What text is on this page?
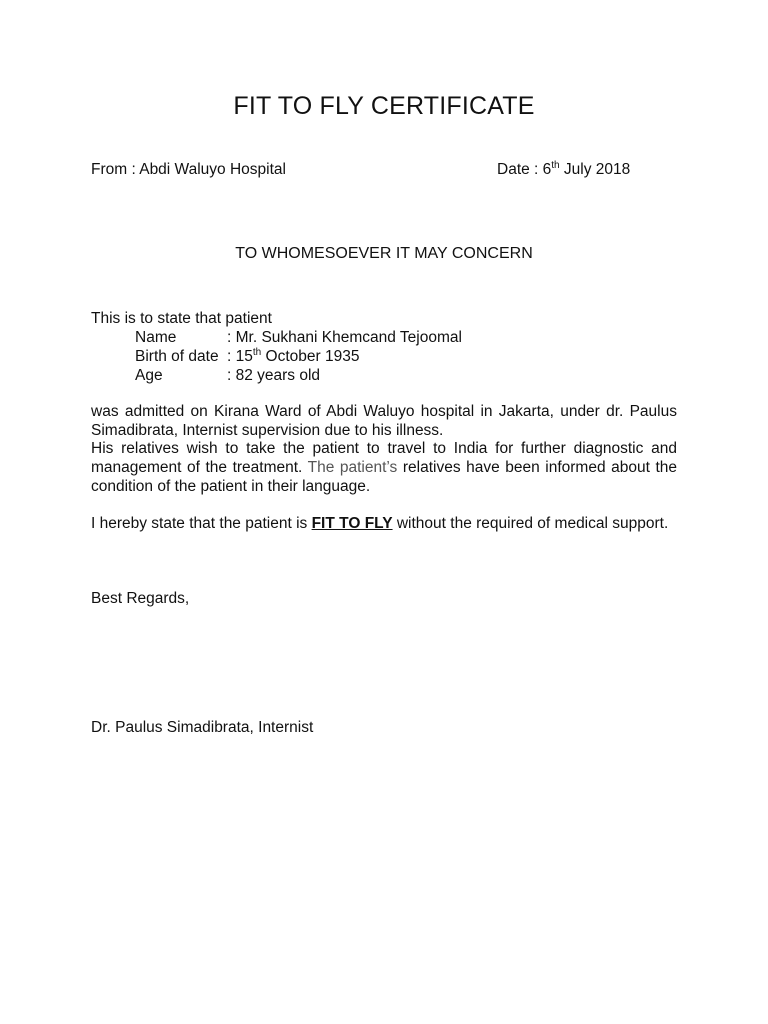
FIT TO FLY CERTIFICATE
From : Abdi Waluyo Hospital	Date : 6th July 2018
TO WHOMESOEVER IT MAY CONCERN
This is to state that patient
Name	: Mr. Sukhani Khemcand Tejoomal
Birth of date : 15th October 1935
Age	: 82 years old
was admitted on Kirana Ward of Abdi Waluyo hospital in Jakarta, under dr. Paulus
Simadibrata, Internist supervision due to his illness.
His relatives wish to take the patient to travel to India for further diagnostic and
management of the treatment. The patient’s relatives have been informed about the
condition of the patient in their language.
I hereby state that the patient is FIT TO FLY without the required of medical support.
Best Regards,
Dr. Paulus Simadibrata, Internist
